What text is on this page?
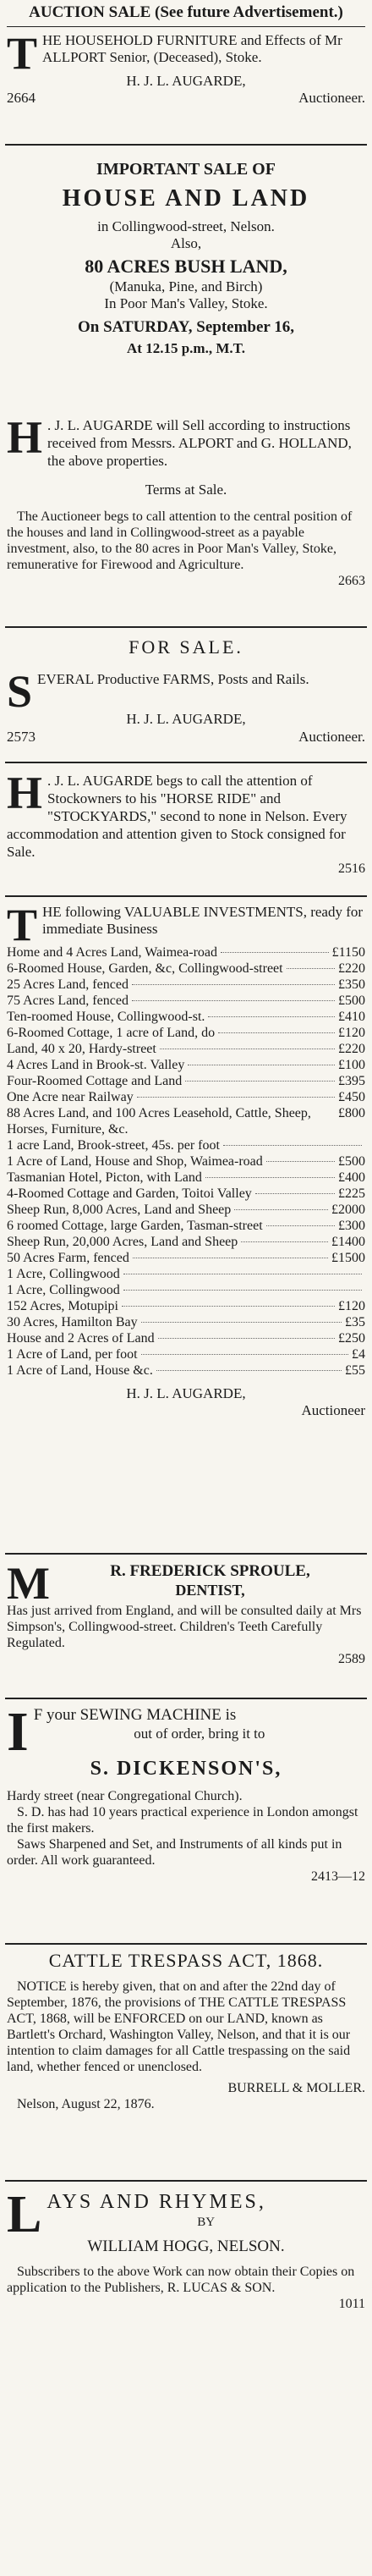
AUCTION SALE (See future Advertisement.)
THE HOUSEHOLD FURNITURE and Effects of Mr ALLPORT Senior, (Deceased), Stoke.
H. J. L. AUGARDE,
2664	Auctioneer.
IMPORTANT SALE OF
HOUSE AND LAND
in Collingwood-street, Nelson.
Also,
80 ACRES BUSH LAND,
(Manuka, Pine, and Birch)
In Poor Man's Valley, Stoke.
On SATURDAY, September 16,
At 12.15 p.m., M.T.
H . J. L. AUGARDE will Sell according to instructions received from Messrs. ALPORT and G. HOLLAND, the above properties.
Terms at Sale.
The Auctioneer begs to call attention to the central position of the houses and land in Collingwood-street as a payable investment, also, to the 80 acres in Poor Man's Valley, Stoke, remunerative for Firewood and Agriculture.
2663
FOR SALE.
SEVERAL Productive FARMS, Posts and Rails.
H. J. L. AUGARDE,
2573	Auctioneer.
H . J. L. AUGARDE begs to call the attention of Stockowners to his "HORSE RIDE" and "STOCKYARDS," second to none in Nelson. Every accommodation and attention given to Stock consigned for Sale.
2516
THE following VALUABLE INVESTMENTS, ready for immediate Business
Home and 4 Acres Land, Waimea-road	£1150
6-Roomed House, Garden, &c, Collingwood-street	£220
25 Acres Land, fenced	£350
75 Acres Land, fenced	£500
Ten-roomed House, Collingwood-st.	£410
6-Roomed Cottage, 1 acre of Land, do	£120
Land, 40 x 20, Hardy-street	£220
4 Acres Land in Brook-st. Valley	£100
Four-Roomed Cottage and Land	£395
One Acre near Railway	£450
88 Acres Land, and 100 Acres Leasehold, Cattle, Sheep, Horses, Furniture, &c.
£800
1 acre Land, Brook-street, 45s. per foot
1 Acre of Land, House and Shop, Waimea-road	£500
Tasmanian Hotel, Picton, with Land	£400
4-Roomed Cottage and Garden, Toitoi Valley	£225
Sheep Run, 8,000 Acres, Land and Sheep	£2000
6 roomed Cottage, large Garden, Tasman-street	£300
Sheep Run, 20,000 Acres, Land and Sheep	£1400
50 Acres Farm, fenced	£1500
1 Acre, Collingwood
1 Acre, Collingwood
152 Acres, Motupipi	£120
30 Acres, Hamilton Bay	£35
House and 2 Acres of Land	£250
1 Acre of Land, per foot	£4
1 Acre of Land, House &c.	£55
H. J. L. AUGARDE,
Auctioneer
M	R. FREDERICK SPROULE,
DENTIST,
Has just arrived from England, and will be consulted daily at Mrs Simpson's, Collingwood-street. Children's Teeth Carefully Regulated.
2589
I F your SEWING MACHINE is
out of order, bring it to
S. DICKENSON'S,
Hardy street (near Congregational Church).
S. D. has had 10 years practical experience in London amongst the first makers.
Saws Sharpened and Set, and Instruments of all kinds put in order. All work guaranteed.
2413—12
CATTLE TRESPASS ACT, 1868.
NOTICE is hereby given, that on and after the 22nd day of September, 1876, the provisions of THE CATTLE TRESPASS ACT, 1868, will be ENFORCED on our LAND, known as Bartlett's Orchard, Washington Valley, Nelson, and that it is our intention to claim damages for all Cattle trespassing on the said land, whether fenced or unenclosed.
BURRELL & MOLLER.
Nelson, August 22, 1876.
L AYS AND RHYMES,
BY
WILLIAM HOGG, NELSON.
Subscribers to the above Work can now obtain their Copies on application to the Publishers, R. LUCAS & SON.
1011
